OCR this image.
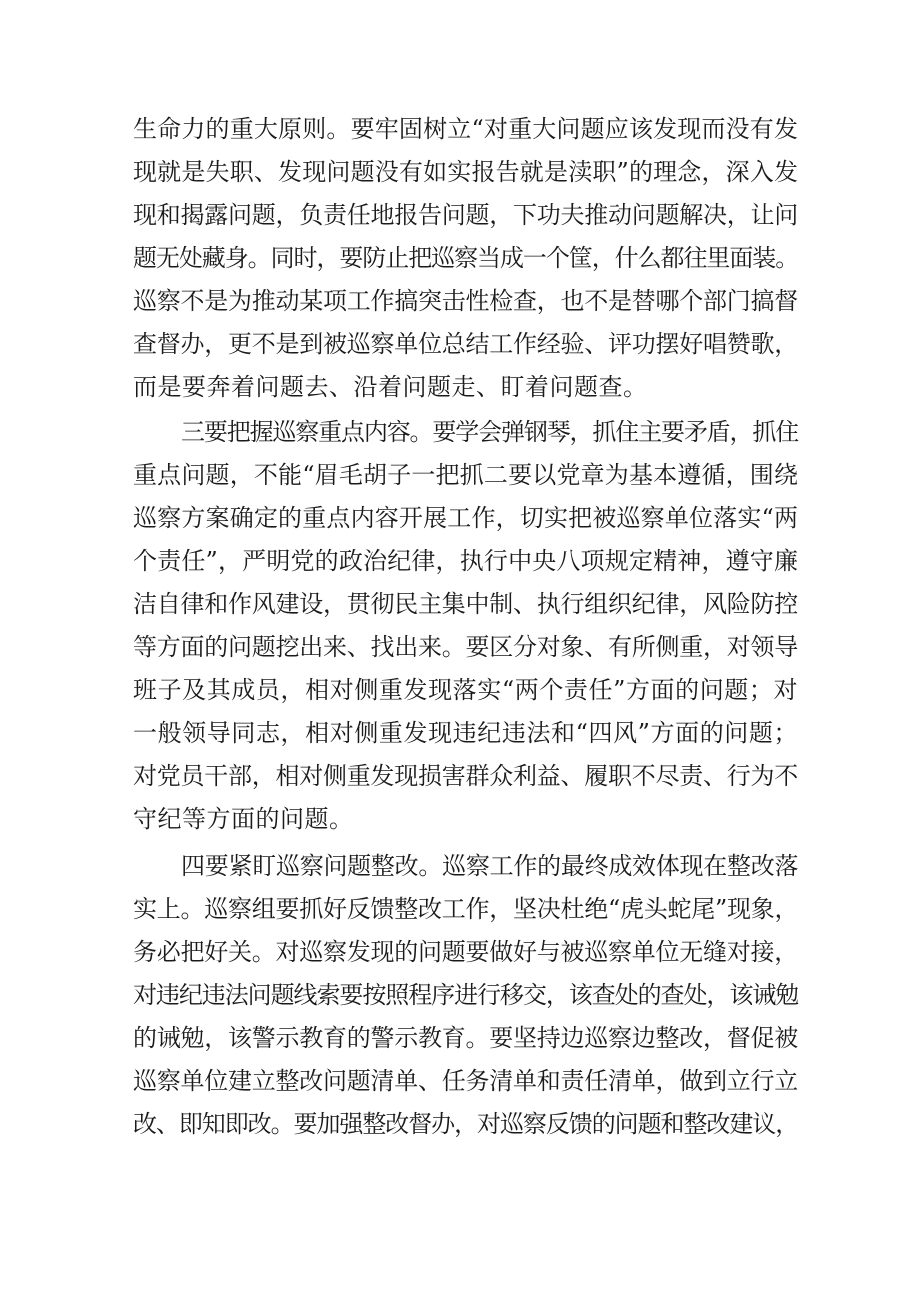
生命力的重大原则。要牢固树立“对重大问题应该发现而没有发

现就是失职、发现问题没有如实报告就是渎职”的理念，深入发

现和揭露问题，负责任地报告问题，下功夫推动问题解决，让问

题无处藏身。同时，要防止把巡察当成一个筐，什么都往里面装。

巡察不是为推动某项工作搞突击性检查，也不是替哪个部门搞督

查督办，更不是到被巡察单位总结工作经验、评功摆好唱赞歌，

而是要奔着问题去、沿着问题走、盯着问题查。

三要把握巡察重点内容。要学会弹钢琴，抓住主要矛盾，抓住

重点问题，不能“眉毛胡子一把抓二要以党章为基本遵循，围绕

巡察方案确定的重点内容开展工作，切实把被巡察单位落实“两

个责任”，严明党的政治纪律，执行中央八项规定精神，遵守廉

洁自律和作风建设，贯彻民主集中制、执行组织纪律，风险防控

等方面的问题挖出来、找出来。要区分对象、有所侧重，对领导

班子及其成员，相对侧重发现落实“两个责任”方面的问题；对

一般领导同志，相对侧重发现违纪违法和“四风”方面的问题；

对党员干部，相对侧重发现损害群众利益、履职不尽责、行为不

守纪等方面的问题。

四要紧盯巡察问题整改。巡察工作的最终成效体现在整改落

实上。巡察组要抓好反馈整改工作，坚决杜绝“虎头蛇尾”现象，

务必把好关。对巡察发现的问题要做好与被巡察单位无缝对接，

对违纪违法问题线索要按照程序进行移交，该查处的查处，该诫勉

的诫勉，该警示教育的警示教育。要坚持边巡察边整改，督促被

巡察单位建立整改问题清单、任务清单和责任清单，做到立行立

改、即知即改。要加强整改督办，对巡察反馈的问题和整改建议，
